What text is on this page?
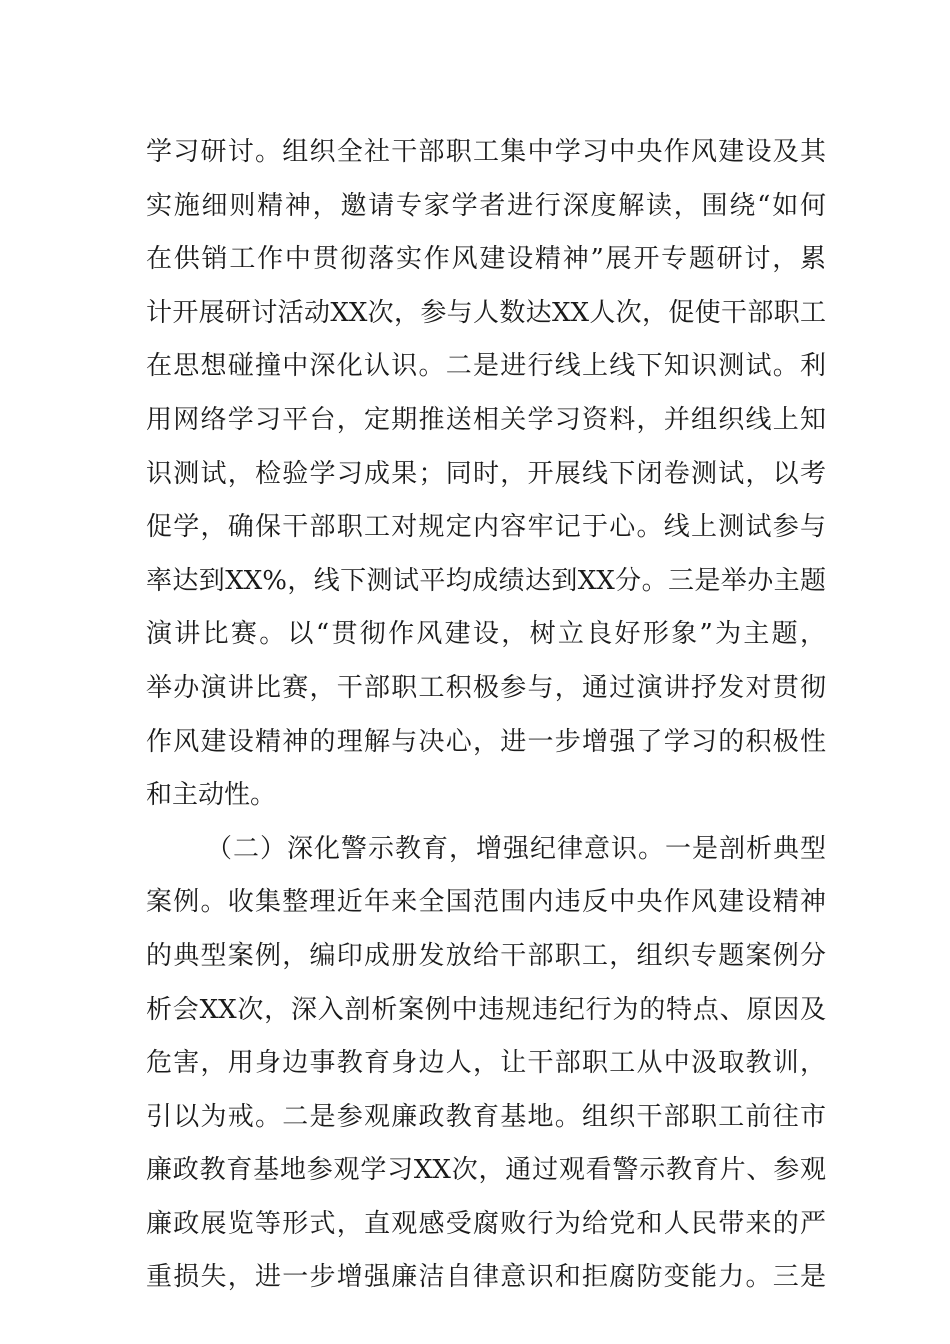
学习研讨。组织全社干部职工集中学习中央作风建设及其
实施细则精神，邀请专家学者进行深度解读，围绕“如何
在供销工作中贯彻落实作风建设精神”展开专题研讨，累
计开展研讨活动XX次，参与人数达XX人次，促使干部职工
在思想碰撞中深化认识。二是进行线上线下知识测试。利
用网络学习平台，定期推送相关学习资料，并组织线上知
识测试，检验学习成果；同时，开展线下闭卷测试，以考
促学，确保干部职工对规定内容牢记于心。线上测试参与
率达到XX%，线下测试平均成绩达到XX分。三是举办主题
演讲比赛。以“贯彻作风建设，树立良好形象”为主题，
举办演讲比赛，干部职工积极参与，通过演讲抒发对贯彻
作风建设精神的理解与决心，进一步增强了学习的积极性
和主动性。
（二）深化警示教育，增强纪律意识。一是剖析典型
案例。收集整理近年来全国范围内违反中央作风建设精神
的典型案例，编印成册发放给干部职工，组织专题案例分
析会XX次，深入剖析案例中违规违纪行为的特点、原因及
危害，用身边事教育身边人，让干部职工从中汲取教训，
引以为戒。二是参观廉政教育基地。组织干部职工前往市
廉政教育基地参观学习XX次，通过观看警示教育片、参观
廉政展览等形式，直观感受腐败行为给党和人民带来的严
重损失，进一步增强廉洁自律意识和拒腐防变能力。三是
